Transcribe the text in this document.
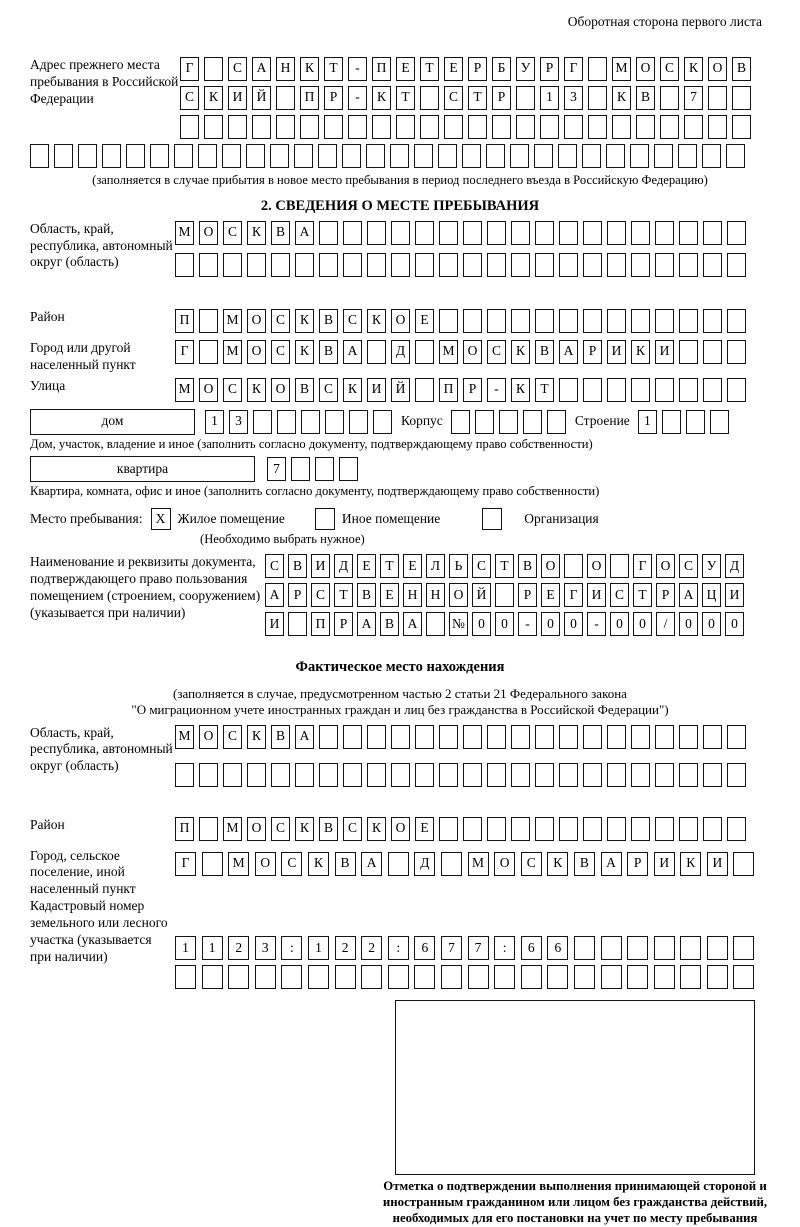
Оборотная сторона первого листа
Адрес прежнего места пребывания в Российской Федерации
Г	С	А	Н	К	Т	-	П	Е	Т	Е	Р	Б	У	Р	Г	М О	С	К	О	В
С	К	И	Й	П	Р	-	К	Т	С	Т	Р	1	3	К	В	7
(заполняется в случае прибытия в новое место пребывания в период последнего въезда в Российскую Федерацию)
2. СВЕДЕНИЯ О МЕСТЕ ПРЕБЫВАНИЯ
Область, край, республика, автономный округ (область)
М О	С	К	В	А
Район	П	М О	С	К	В	С	К	О	Е
Город или другой населенный пункт
Г	М О	С	К	В	А	Д	М О	С	К	В	А	Р	И	К	И
Улица	М О	С	К	О	В	С	К	И	Й	П	Р	-	К	Т
дом	1	3	Корпус	Строение	1
Дом, участок, владение и иное (заполнить согласно документу, подтверждающему право собственности)
квартира	7
Квартира, комната, офис и иное (заполнить согласно документу, подтверждающему право собственности)
Место пребывания: X Жилое помещение	Иное помещение	Организация
(Необходимо выбрать нужное)
Наименование и реквизиты документа, подтверждающего право пользования помещением (строением, сооружением) (указывается при наличии)
С	В	И	Д	Е	Т	Е	Л	Ь	С	Т	В	О	О	Г	О	С	У	Д
А	Р	С	Т	В	Е	Н Н О Й	Р	Е	Г	И	С	Т	Р	А Ц И
И	П	Р	А	В	А	№ 0	0	-	0	0	-	0	0	/	0	0	0
Фактическое место нахождения
(заполняется в случае, предусмотренном частью 2 статьи 21 Федерального закона
"О миграционном учете иностранных граждан и лиц без гражданства в Российской Федерации")
Область, край, республика, автономный округ (область)
М О	С	К	В	А
Район	П	М О	С	К	В	С	К	О	Е
Город, сельское поселение, иной населенный пункт
Г	М	О	С	К	В	А	Д	М	О	С	К	В	А	Р	И	К	И
Кадастровый номер земельного или лесного участка (указывается при наличии)
1	1	2	3	:	1	2	2	:	6	7	7	:	6	6
Отметка о подтверждении выполнения принимающей стороной и иностранным гражданином или лицом без гражданства действий, необходимых для его постановки на учет по месту пребывания
